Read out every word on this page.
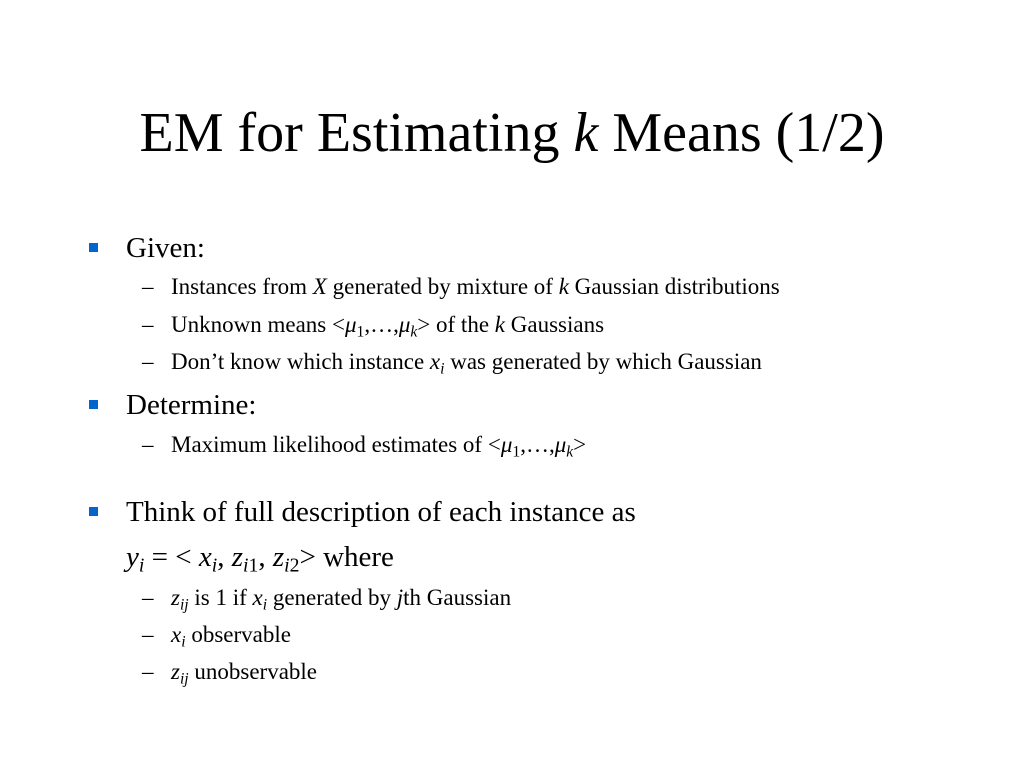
EM for Estimating k Means (1/2)
Given:
– Instances from X generated by mixture of k Gaussian distributions
– Unknown means $<\mu_1,\dots,\mu_k>$ of the k Gaussians
– Don’t know which instance $x_i$ was generated by which Gaussian
Determine:
– Maximum likelihood estimates of $<\mu_1,\dots,\mu_k>$
Think of full description of each instance as
$y_i$ = < $x_i$, $z_{i1}$, $z_{i2}>$ where
– $z_{ij}$ is 1 if $x_i$ generated by jth Gaussian
– $x_i$ observable
– $z_{ij}$ unobservable
